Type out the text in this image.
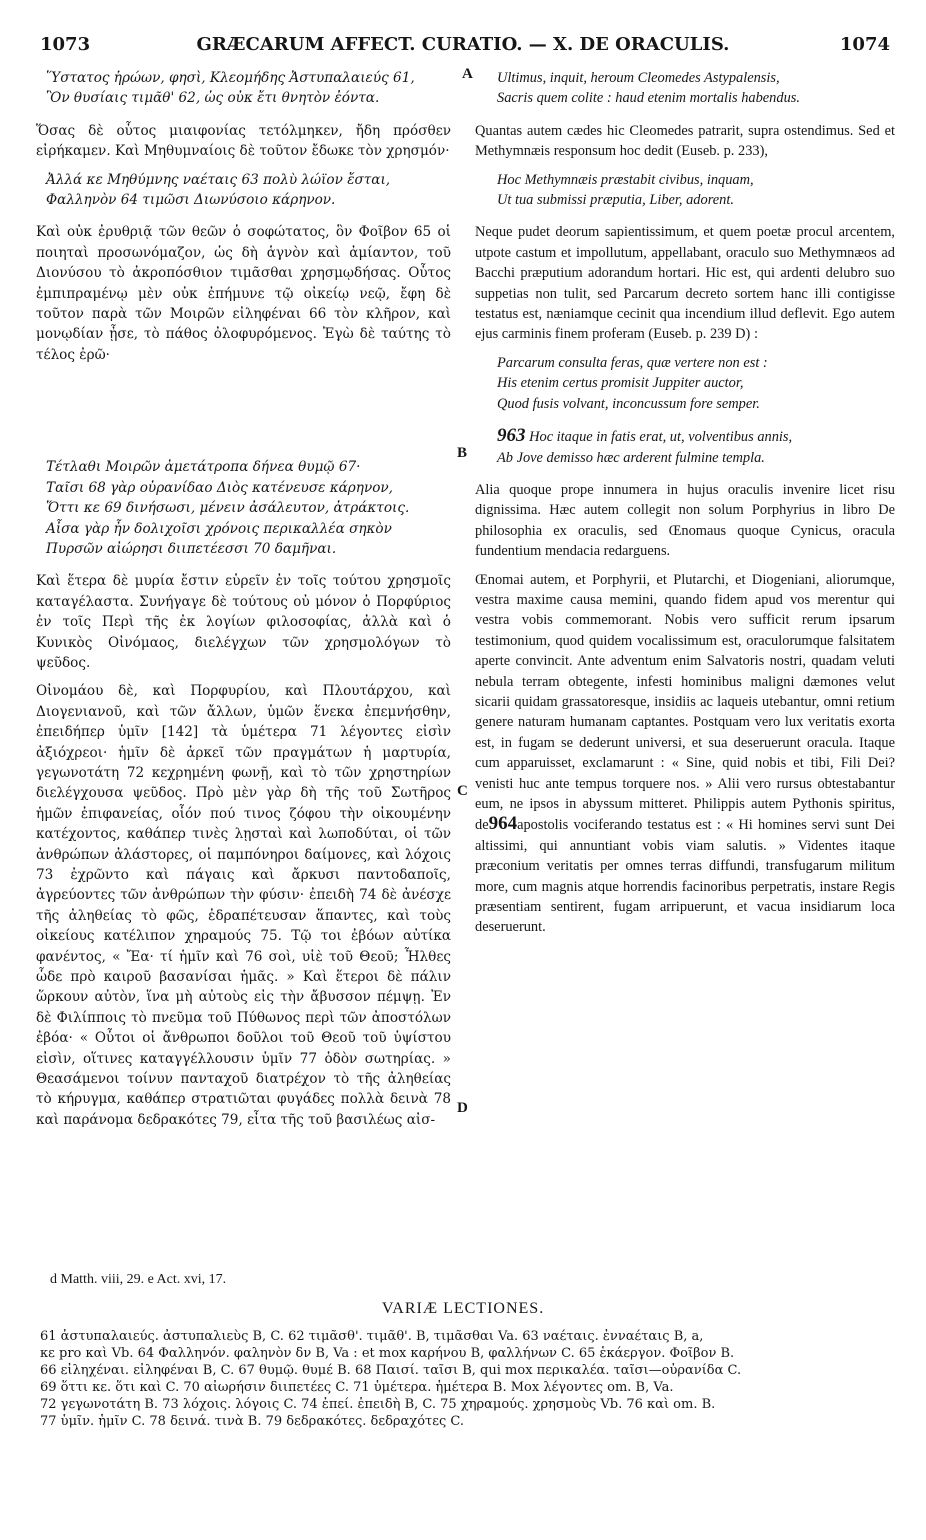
1073	GRÆCARUM AFFECT. CURATIO. — X. DE ORACULIS.	1074
Ὕστατος ἡρώων, φησὶ, Κλεομήδης Ἀστυπαλαιεύς 61,
Ὃν θυσίαις τιμᾶθ' 62, ὡς οὐκ ἔτι θνητὸν ἐόντα.

Ὅσας δὲ οὗτος μιαιφονίας τετόλμηκεν, ἤδη πρόσθεν εἰρήκαμεν. Καὶ Μηθυμναίοις δὲ τοῦτον ἔδωκε τὸν χρησμόν·

Ἀλλά κε Μηθύμνης ναέταις 63 πολὺ λώϊον ἔσται,
Φαλληνὸν 64 τιμῶσι Διωνύσοιο κάρηνον.

Καὶ οὐκ ἐρυθριᾷ τῶν θεῶν ὁ σοφώτατος, ὃν Φοῖβον 65 οἱ ποιηταὶ προσωνόμαζον, ὡς δὴ ἁγνὸν καὶ ἀμίαντον, τοῦ Διονύσου τὸ ἀκροπόσθιον τιμᾶσθαι χρησμῳδήσας. Οὗτος ἐμπιπραμένῳ μὲν οὐκ ἐπήμυνε τῷ οἰκείῳ νεῷ, ἔφη δὲ τοῦτον παρὰ τῶν Μοιρῶν εἰληφέναι 66 τὸν κλῆρον, καὶ μονῳδίαν ᾖσε, τὸ πάθος ὀλοφυρόμενος. Ἐγὼ δὲ ταύτης τὸ τέλος ἐρῶ·

Τέτλαθι Μοιρῶν ἀμετάτροπα δήνεα θυμῷ 67·
Ταῖσι 68 γὰρ οὐρανίδαο Διὸς κατένευσε κάρηνον,
Ὅττι κε 69 δινήσωσι, μένειν ἀσάλευτον, ἀτράκτοις.
Αἶσα γὰρ ἦν δολιχοῖσι χρόνοις περικαλλέα σηκὸν
Πυρσῶν αἰώρησι διιπετέεσσι 70 δαμῆναι.

Καὶ ἕτερα δὲ μυρία ἔστιν εὑρεῖν ἐν τοῖς τούτου χρησμοῖς καταγέλαστα. Συνήγαγε δὲ τούτους οὐ μόνον ὁ Πορφύριος ἐν τοῖς Περὶ τῆς ἐκ λογίων φιλοσοφίας, ἀλλὰ καὶ ὁ Κυνικὸς Οἰνόμαος, διελέγχων τῶν χρησμολόγων τὸ ψεῦδος.

Οἰνομάου δὲ, καὶ Πορφυρίου, καὶ Πλουτάρχου, καὶ Διογενιανοῦ, καὶ τῶν ἄλλων, ὑμῶν ἕνεκα ἐπεμνήσθην, ἐπειδήπερ ὑμῖν [142] τὰ ὑμέτερα 71 λέγοντες εἰσὶν ἀξιόχρεοι· ἡμῖν δὲ ἀρκεῖ τῶν πραγμάτων ἡ μαρτυρία, γεγωνοτάτη 72 κεχρημένη φωνῇ, καὶ τὸ τῶν χρηστηρίων διελέγχουσα ψεῦδος. Πρὸ μὲν γὰρ δὴ τῆς τοῦ Σωτῆρος ἡμῶν ἐπιφανείας, οἷόν πού τινος ζόφου τὴν οἰκουμένην κατέχοντος, καθάπερ τινὲς λῃσταὶ καὶ λωποδύται, οἱ τῶν ἀνθρώπων ἀλάστορες, οἱ παμπόνηροι δαίμονες, καὶ λόχοις 73 ἐχρῶντο καὶ πάγαις καὶ ἄρκυσι παντοδαποῖς, ἀγρεύοντες τῶν ἀνθρώπων τὴν φύσιν· ἐπειδὴ 74 δὲ ἀνέσχε τῆς ἀληθείας τὸ φῶς, ἐδραπέτευσαν ἅπαντες, καὶ τοὺς οἰκείους κατέλιπον χηραμούς 75. Τῷ τοι ἐβόων αὐτίκα φανέντος, « Ἔα· τί ἡμῖν καὶ 76 σοὶ, υἱὲ τοῦ Θεοῦ; Ἦλθες ὧδε πρὸ καιροῦ βασανίσαι ἡμᾶς. » Καὶ ἕτεροι δὲ πάλιν ὥρκουν αὐτὸν, ἵνα μὴ αὐτοὺς εἰς τὴν ἄβυσσον πέμψῃ. Ἐν δὲ Φιλίπποις τὸ πνεῦμα τοῦ Πύθωνος περὶ τῶν ἀποστόλων ἐβόα· « Οὗτοι οἱ ἄνθρωποι δοῦλοι τοῦ Θεοῦ τοῦ ὑψίστου εἰσὶν, οἵτινες καταγγέλλουσιν ὑμῖν 77 ὁδὸν σωτηρίας. » Θεασάμενοι τοίνυν πανταχοῦ διατρέχον τὸ τῆς ἀληθείας τὸ κήρυγμα, καθάπερ στρατιῶται φυγάδες πολλὰ δεινὰ 78 καὶ παράνομα δεδρακότες 79, εἶτα τῆς τοῦ βασιλέως αἰσ-

Ultimus, inquit, heroum Cleomedes Astypalensis,
Sacris quem colite : haud etenim mortalis habendus.

Quantas autem cædes hic Cleomedes patrarit, supra ostendimus. Sed et Methymnæis responsum hoc dedit (Euseb. p. 233),

Hoc Methymnæis præstabit civibus, inquam,
Ut tua submissi præputia, Liber, adorent.

Neque pudet deorum sapientissimum, et quem poetæ procul arcentem, utpote castum et impollutum, appellabant, oraculo suo Methymnæos ad Bacchi præputium adorandum hortari. Hic est, qui ardenti delubro suo suppetias non tulit, sed Parcarum decreto sortem hanc illi contigisse testatus est, næniamque cecinit qua incendium illud deflevit. Ego autem ejus carminis finem proferam (Euseb. p. 239 D) :

Parcarum consulta feras, quæ vertere non est :
His etenim certus promisit Juppiter auctor,
Quod fusis volvant, inconcussum fore semper.
963 Hoc itaque in fatis erat, ut, volventibus annis,
Ab Jove demisso hæc arderent fulmine templa.

Alia quoque prope innumera in hujus oraculis invenire licet risu dignissima. Hæc autem collegit non solum Porphyrius in libro De philosophia ex oraculis, sed Œnomaus quoque Cynicus, oracula fundentium mendacia redarguens.

Œnomai autem, et Porphyrii, et Plutarchi, et Diogeniani, aliorumque, vestra maxime causa memini, quando fidem apud vos merentur qui vestra vobis commemorant. Nobis vero sufficit rerum ipsarum testimonium, quod quidem vocalissimum est, oraculorumque falsitatem aperte convincit. Ante adventum enim Salvatoris nostri, quadam veluti nebula terram obtegente, infesti hominibus maligni dæmones velut sicarii quidam grassatoresque, insidiis ac laqueis utebantur, omni retium genere naturam humanam captantes. Postquam vero lux veritatis exorta est, in fugam se dederunt universi, et sua deseruerunt oracula. Itaque cum apparuisset, exclamarunt : « Sine, quid nobis et tibi, Fili Dei? venisti huc ante tempus torquere nos. » Alii vero rursus obtestabantur eum, ne ipsos in abyssum mitteret. Philippis autem Pythonis spiritus, de964apostolis vociferando testatus est : « Hi homines servi sunt Dei altissimi, qui annuntiant vobis viam salutis. » Videntes itaque præconium veritatis per omnes terras diffundi, transfugarum militum more, cum magnis atque horrendis facinoribus perpetratis, instare Regis præsentiam sentirent, fugam arripuerunt, et vacua insidiarum loca deseruerunt.

A
B
C
D
d Matth. viii, 29. e Act. xvi, 17.
VARIÆ LECTIONES.
61 ἀστυπαλαιεύς. ἀστυπαλιεὺς B, C. 62 τιμᾶσθ'. τιμᾶθ'. B, τιμᾶσθαι Va. 63 ναέταις. ἐνναέταις B, a,
κε pro καὶ Vb. 64 Φαλληνόν. φαληνὸν δν B, Va : et mox καρήνου B, φαλλήνων C. 65 ἑκάεργον. Φοῖβον B.
66 εἰληχέναι. εἰληφέναι B, C. 67 θυμῷ. θυμέ B. 68 Παισί. ταῖσι B, qui mox περικαλέα. ταῖσι—οὐρανίδα C.
69 ὅττι κε. ὅτι καὶ C. 70 αἰωρήσιν διιπετέες C. 71 ὑμέτερα. ἡμέτερα B. Mox λέγοντες om. B, Va.
72 γεγωνοτάτη B. 73 λόχοις. λόγοις C. 74 ἐπεί. ἐπειδὴ B, C. 75 χηραμούς. χρησμοὺς Vb. 76 καὶ om. B.
77 ὑμῖν. ἡμῖν C. 78 δεινά. τινὰ B. 79 δεδρακότες. δεδραχότες C.
